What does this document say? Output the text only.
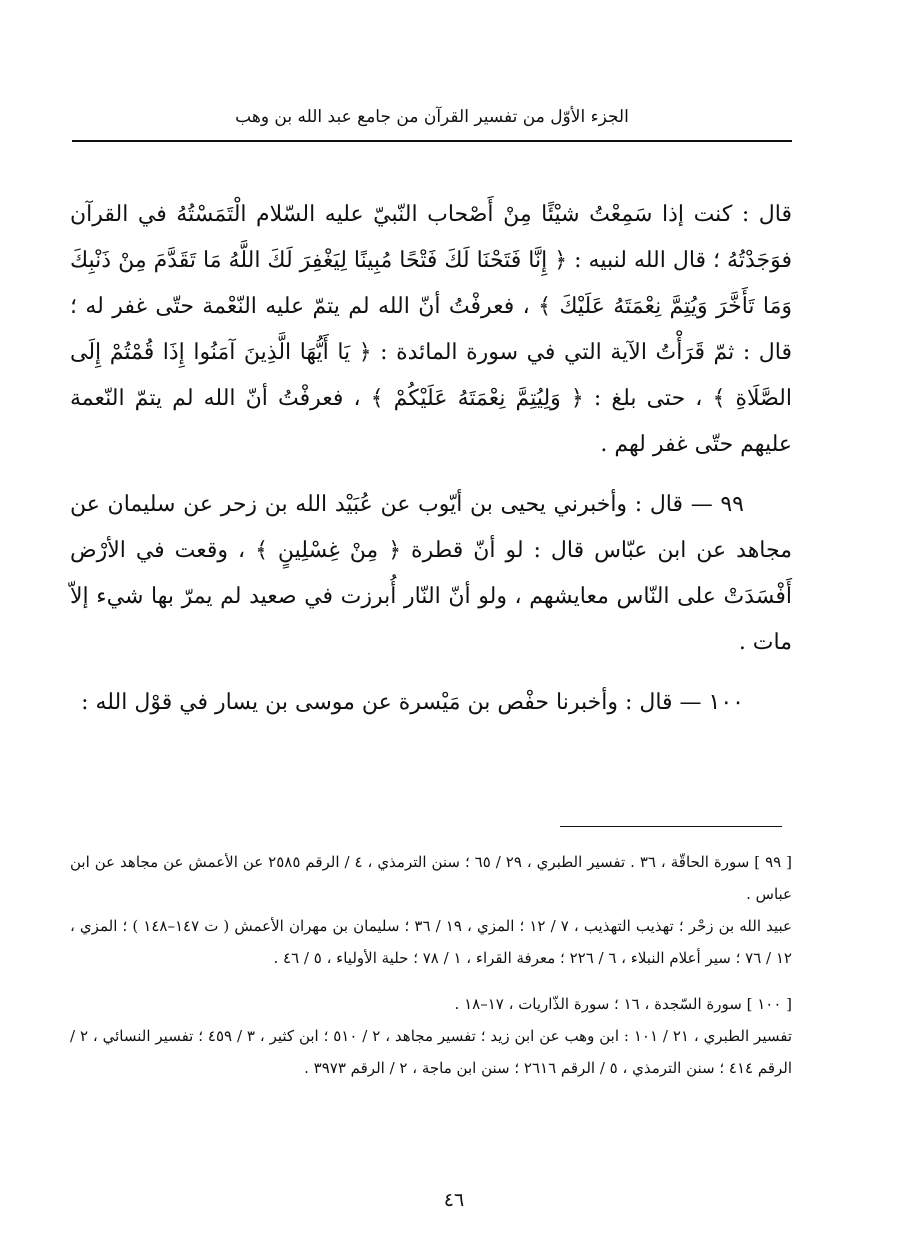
الجزء الأوّل من تفسير القرآن من جامع عبد الله بن وهب

قال : كنت إذا سَمِعْتُ شيْئًا مِنْ أَصْحاب النّبيّ عليه السّلام الْتَمَسْتُهُ في القرآن فوَجَدْتُهُ ؛ قال الله لنبيه : ﴿ إِنَّا فَتَحْنَا لَكَ فَتْحًا مُبِينًا لِيَغْفِرَ لَكَ اللَّهُ مَا تَقَدَّمَ مِنْ ذَنْبِكَ وَمَا تَأَخَّرَ وَيُتِمَّ نِعْمَتَهُ عَلَيْكَ ﴾ ، فعرفْتُ أنّ الله لم يتمّ عليه النّعْمة حتّى غفر له ؛ قال : ثمّ قَرَأْتُ الآية التي في سورة المائدة : ﴿ يَا أَيُّهَا الَّذِينَ آمَنُوا إِذَا قُمْتُمْ إِلَى الصَّلَاةِ ﴾ ، حتى بلغ : ﴿ وَلِيُتِمَّ نِعْمَتَهُ عَلَيْكُمْ ﴾ ، فعرفْتُ أنّ الله لم يتمّ النّعمة عليهم حتّى غفر لهم .

٩٩ — قال : وأخبرني يحيى بن أيّوب عن عُبَيْد الله بن زحر عن سليمان عن مجاهد عن ابن عبّاس قال : لو أنّ قطرة ﴿ مِنْ غِسْلِينٍ ﴾ ، وقعت في الأرْض أَفْسَدَتْ على النّاس معايشهم ، ولو أنّ النّار أُبرزت في صعيد لم يمرّ بها شيء إلاّ مات .

١٠٠ — قال : وأخبرنا حفْص بن مَيْسرة عن موسى بن يسار في قوْل الله :

[ ٩٩ ] سورة الحاقّة ، ٣٦ . تفسير الطبري ، ٢٩ / ٦٥ ؛ سنن الترمذي ، ٤ / الرقم ٢٥٨٥ عن الأعمش عن مجاهد عن ابن عباس .

عبيد الله بن زحْر ؛ تهذيب التهذيب ، ٧ / ١٢ ؛ المزي ، ١٩ / ٣٦ ؛ سليمان بن مهران الأعمش ( ت ١٤٧–١٤٨ ) ؛ المزي ، ١٢ / ٧٦ ؛ سير أعلام النبلاء ، ٦ / ٢٢٦ ؛ معرفة القراء ، ١ / ٧٨ ؛ حلية الأولياء ، ٥ / ٤٦ .

[ ١٠٠ ] سورة السّجدة ، ١٦ ؛ سورة الذّاريات ، ١٧–١٨ .

تفسير الطبري ، ٢١ / ١٠١ : ابن وهب عن ابن زيد ؛ تفسير مجاهد ، ٢ / ٥١٠ ؛ ابن كثير ، ٣ / ٤٥٩ ؛ تفسير النسائي ، ٢ / الرقم ٤١٤ ؛ سنن الترمذي ، ٥ / الرقم ٢٦١٦ ؛ سنن ابن ماجة ، ٢ / الرقم ٣٩٧٣ .

٤٦
